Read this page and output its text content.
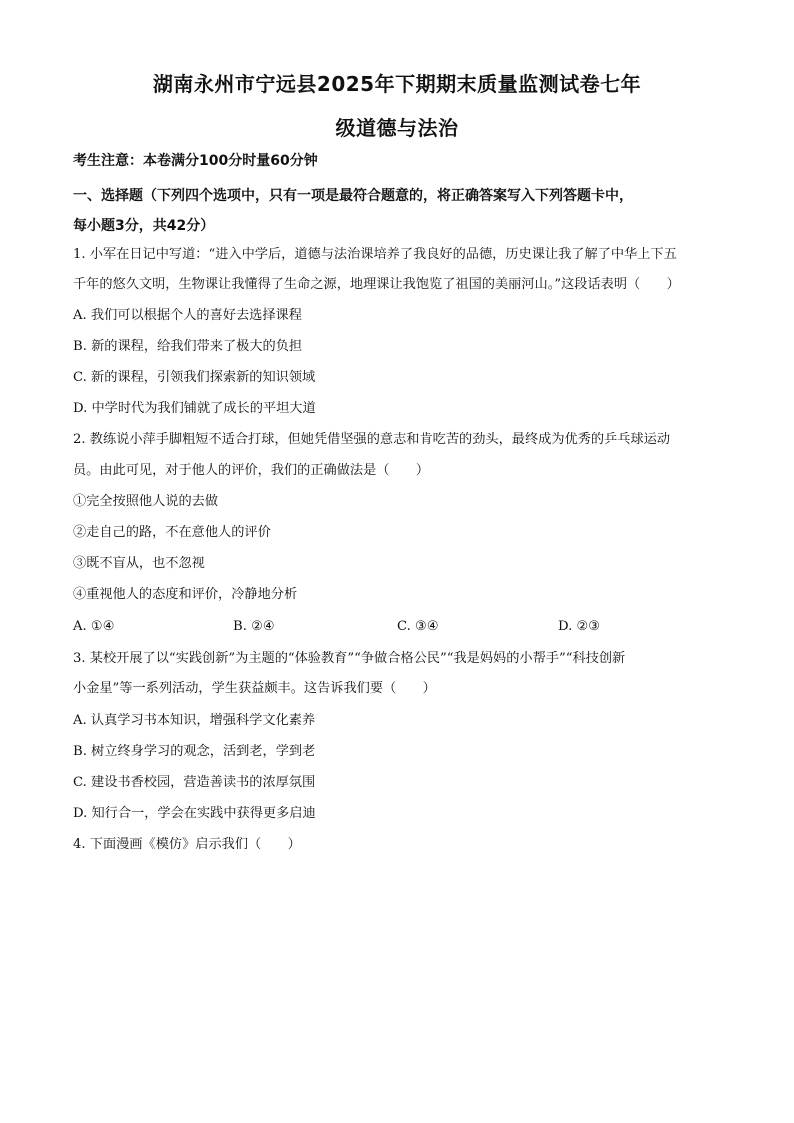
湖南永州市宁远县2025年下期期末质量监测试卷七年
级道德与法治
考生注意：本卷满分100分时量60分钟
一、选择题（下列四个选项中，只有一项是最符合题意的，将正确答案写入下列答题卡中，
每小题3分，共42分）
1. 小军在日记中写道：“进入中学后，道德与法治课培养了我良好的品德，历史课让我了解了中华上下五
千年的悠久文明，生物课让我懂得了生命之源，地理课让我饱览了祖国的美丽河山。”这段话表明（　　）
A. 我们可以根据个人的喜好去选择课程
B. 新的课程，给我们带来了极大的负担
C. 新的课程，引领我们探索新的知识领域
D. 中学时代为我们铺就了成长的平坦大道
2. 教练说小萍手脚粗短不适合打球，但她凭借坚强的意志和肯吃苦的劲头，最终成为优秀的乒乓球运动
员。由此可见，对于他人的评价，我们的正确做法是（　　）
①完全按照他人说的去做
②走自己的路，不在意他人的评价
③既不盲从，也不忽视
④重视他人的态度和评价，冷静地分析
A. ①④	B. ②④	C. ③④	D. ②③
3. 某校开展了以“实践创新”为主题的“体验教育”“争做合格公民”“我是妈妈的小帮手”“科技创新
小金星”等一系列活动，学生获益颇丰。这告诉我们要（　　）
A. 认真学习书本知识，增强科学文化素养
B. 树立终身学习的观念，活到老，学到老
C. 建设书香校园，营造善读书的浓厚氛围
D. 知行合一，学会在实践中获得更多启迪
4. 下面漫画《模仿》启示我们（　　）
